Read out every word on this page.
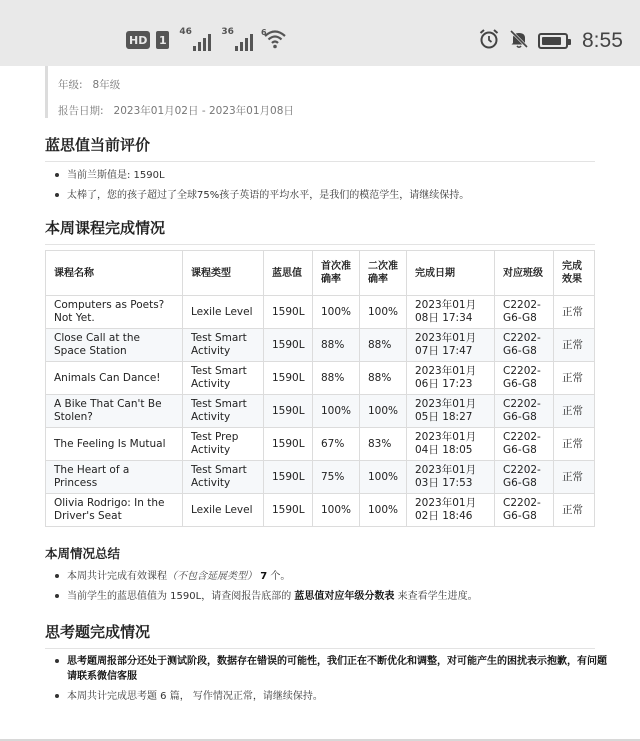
HD 1
46	36	6	8:55
年级: 8年级
报告日期: 2023年01月02日 - 2023年01月08日
蓝思值当前评价
当前兰斯值是: 1590L
太棒了，您的孩子超过了全球75%孩子英语的平均水平，是我们的模范学生，请继续保持。
本周课程完成情况
课程名称	课程类型	蓝思值	首次准确率	二次准确率	完成日期	对应班级	完成效果
Computers as Poets? Not Yet.	Lexile Level	1590L	100%	100%	2023年01月08日 17:34	C2202-G6-G8	正常
Close Call at the Space Station	Test Smart Activity	1590L	88%	88%	2023年01月07日 17:47	C2202-G6-G8	正常
Animals Can Dance!	Test Smart Activity	1590L	88%	88%	2023年01月06日 17:23	C2202-G6-G8	正常
A Bike That Can't Be Stolen?	Test Smart Activity	1590L	100%	100%	2023年01月05日 18:27	C2202-G6-G8	正常
The Feeling Is Mutual	Test Prep Activity	1590L	67%	83%	2023年01月04日 18:05	C2202-G6-G8	正常
The Heart of a Princess	Test Smart Activity	1590L	75%	100%	2023年01月03日 17:53	C2202-G6-G8	正常
Olivia Rodrigo: In the Driver's Seat	Lexile Level	1590L	100%	100%	2023年01月02日 18:46	C2202-G6-G8	正常
本周情况总结
本周共计完成有效课程（不包含延展类型） 7 个。
当前学生的蓝思值值为 1590L，请查阅报告底部的 蓝思值对应年级分数表 来查看学生进度。
思考题完成情况
思考题周报部分还处于测试阶段，数据存在错误的可能性，我们正在不断优化和调整，对可能产生的困扰表示抱歉，有问题请联系微信客服
本周共计完成思考题 6 篇， 写作情况正常，请继续保持。
